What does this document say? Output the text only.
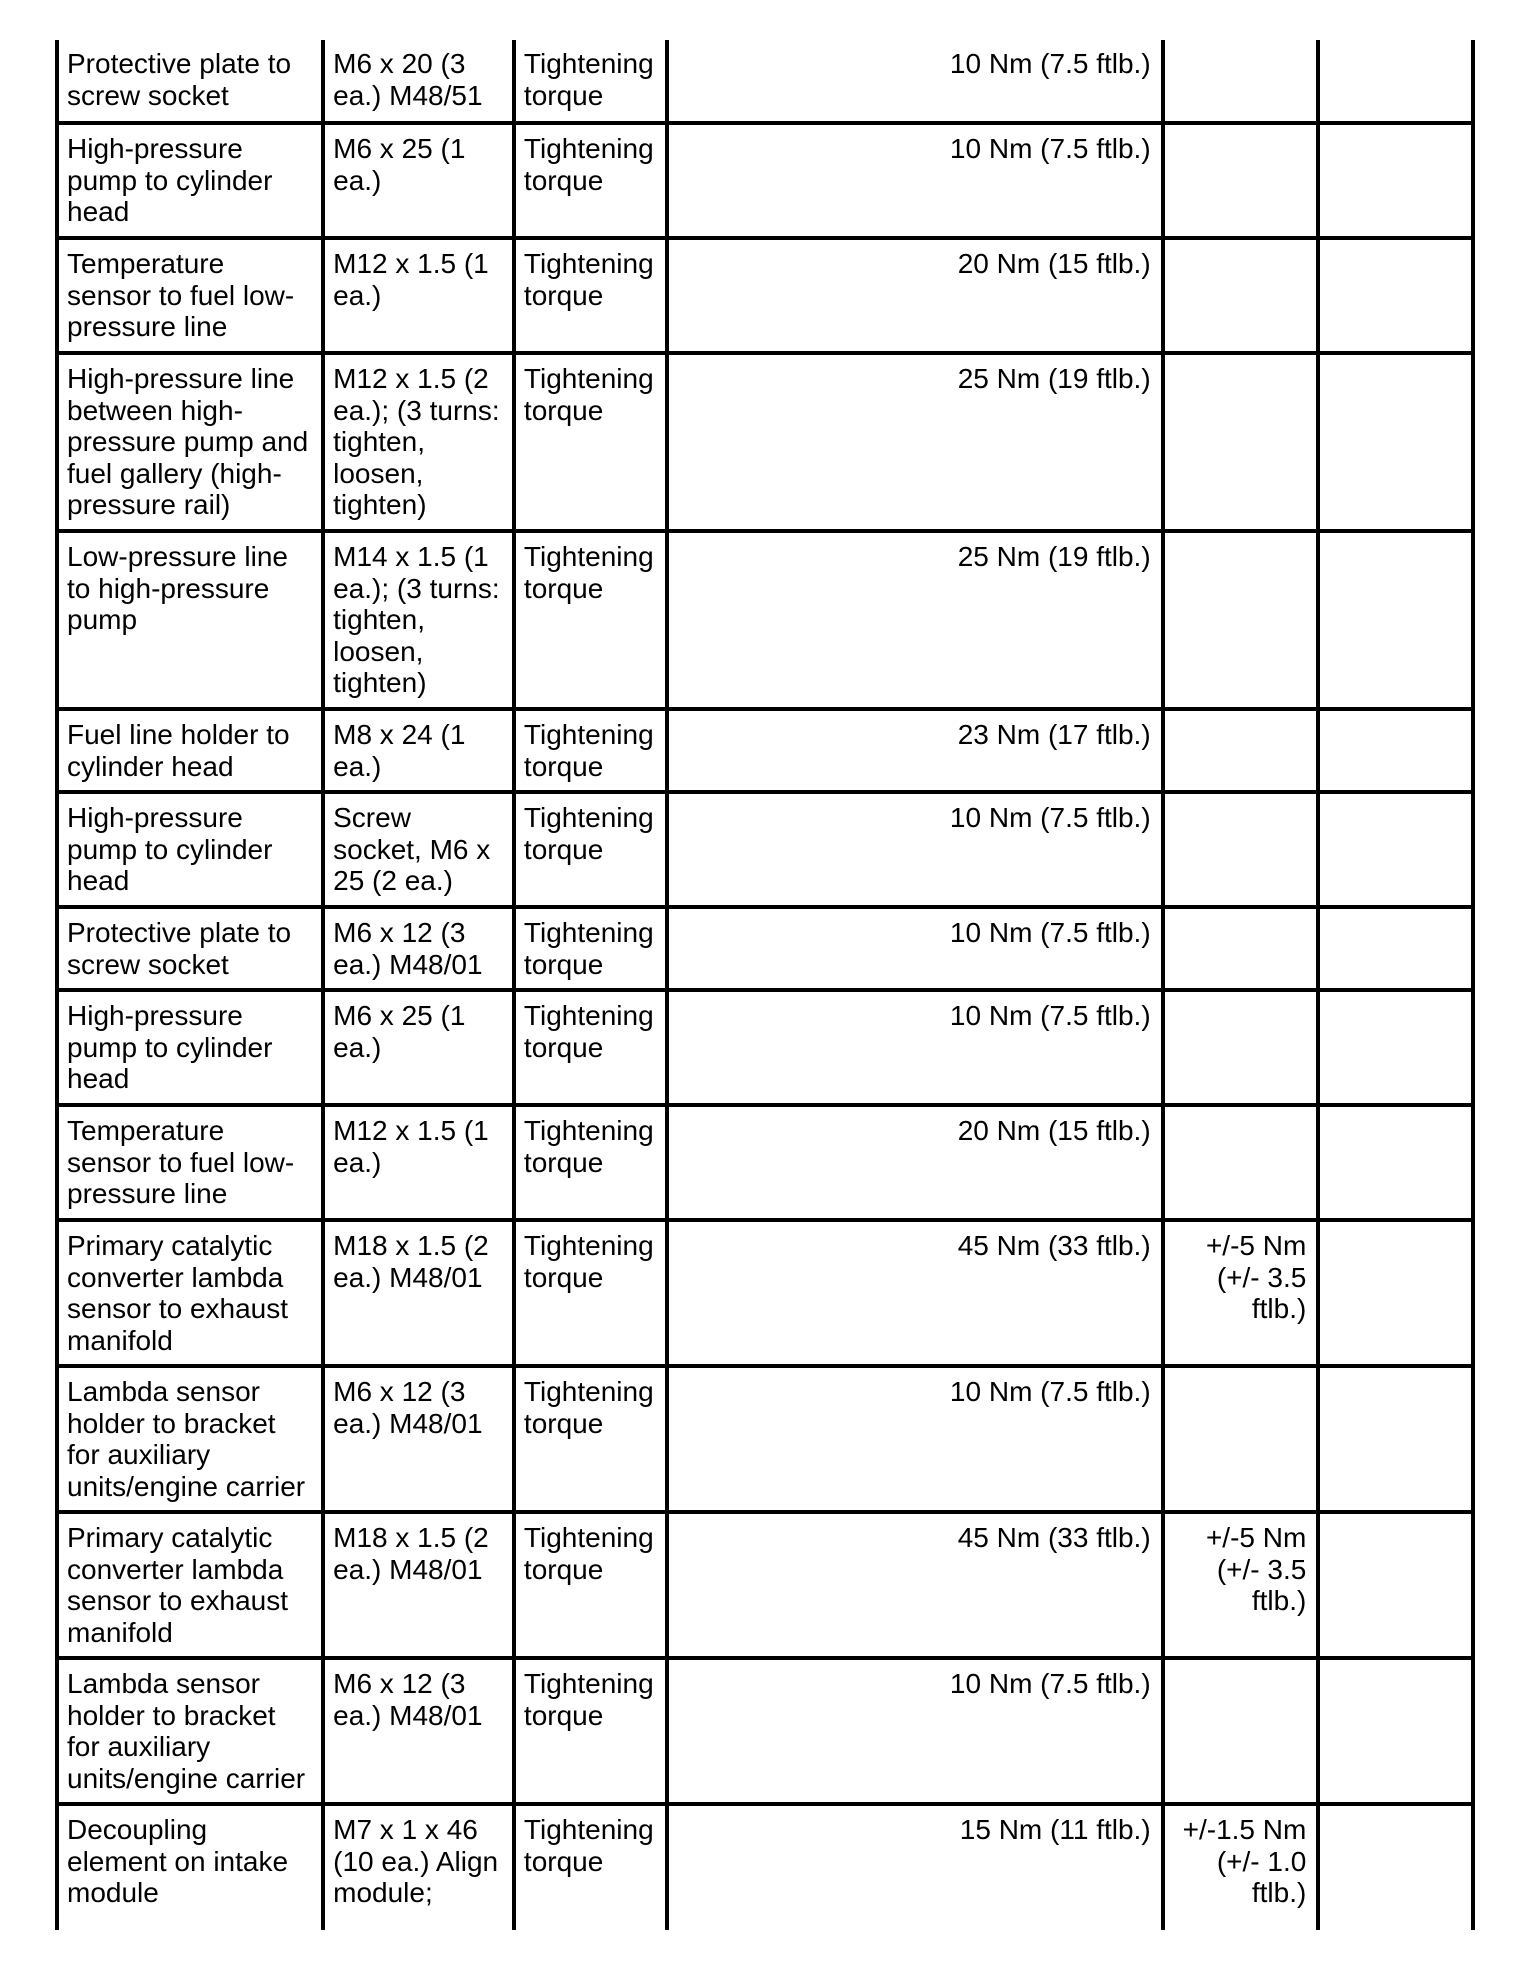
Protective plate to screw socket	M6 x 20 (3 ea.) M48/51	Tightening torque	10 Nm (7.5 ftlb.)		
High-pressure pump to cylinder head	M6 x 25 (1 ea.)	Tightening torque	10 Nm (7.5 ftlb.)		
Temperature sensor to fuel low-pressure line	M12 x 1.5 (1 ea.)	Tightening torque	20 Nm (15 ftlb.)		
High-pressure line between high-pressure pump and fuel gallery (high-pressure rail)	M12 x 1.5 (2 ea.); (3 turns: tighten, loosen, tighten)	Tightening torque	25 Nm (19 ftlb.)		
Low-pressure line to high-pressure pump	M14 x 1.5 (1 ea.); (3 turns: tighten, loosen, tighten)	Tightening torque	25 Nm (19 ftlb.)		
Fuel line holder to cylinder head	M8 x 24 (1 ea.)	Tightening torque	23 Nm (17 ftlb.)		
High-pressure pump to cylinder head	Screw socket, M6 x 25 (2 ea.)	Tightening torque	10 Nm (7.5 ftlb.)		
Protective plate to screw socket	M6 x 12 (3 ea.) M48/01	Tightening torque	10 Nm (7.5 ftlb.)		
High-pressure pump to cylinder head	M6 x 25 (1 ea.)	Tightening torque	10 Nm (7.5 ftlb.)		
Temperature sensor to fuel low-pressure line	M12 x 1.5 (1 ea.)	Tightening torque	20 Nm (15 ftlb.)		
Primary catalytic converter lambda sensor to exhaust manifold	M18 x 1.5 (2 ea.) M48/01	Tightening torque	45 Nm (33 ftlb.)	+/-5 Nm (+/- 3.5 ftlb.)	
Lambda sensor holder to bracket for auxiliary units/engine carrier	M6 x 12 (3 ea.) M48/01	Tightening torque	10 Nm (7.5 ftlb.)		
Primary catalytic converter lambda sensor to exhaust manifold	M18 x 1.5 (2 ea.) M48/01	Tightening torque	45 Nm (33 ftlb.)	+/-5 Nm (+/- 3.5 ftlb.)	
Lambda sensor holder to bracket for auxiliary units/engine carrier	M6 x 12 (3 ea.) M48/01	Tightening torque	10 Nm (7.5 ftlb.)		
Decoupling element on intake module	M7 x 1 x 46 (10 ea.) Align module;	Tightening torque	15 Nm (11 ftlb.)	+/-1.5 Nm (+/- 1.0 ftlb.)	
